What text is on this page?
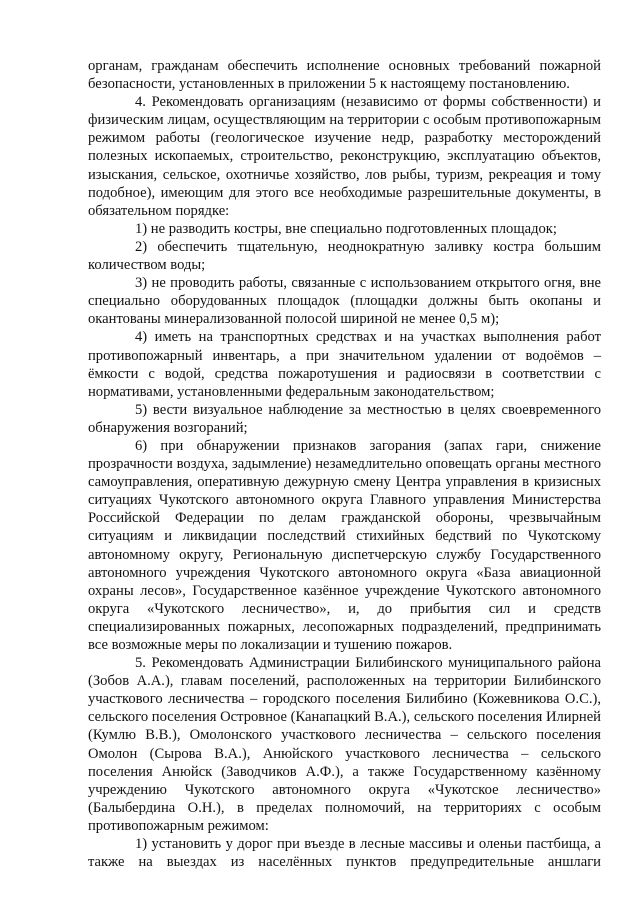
органам, гражданам обеспечить исполнение основных требований пожарной безопасности, установленных в приложении 5 к настоящему постановлению.

4. Рекомендовать организациям (независимо от формы собственности) и физическим лицам, осуществляющим на территории с особым противопожарным режимом работы (геологическое изучение недр, разработку месторождений полезных ископаемых, строительство, реконструкцию, эксплуатацию объектов, изыскания, сельское, охотничье хозяйство, лов рыбы, туризм, рекреация и тому подобное), имеющим для этого все необходимые разрешительные документы, в обязательном порядке:

1) не разводить костры, вне специально подготовленных площадок;

2) обеспечить тщательную, неоднократную заливку костра большим количеством воды;

3) не проводить работы, связанные с использованием открытого огня, вне специально оборудованных площадок (площадки должны быть окопаны и окантованы минерализованной полосой шириной не менее 0,5 м);

4) иметь на транспортных средствах и на участках выполнения работ противопожарный инвентарь, а при значительном удалении от водоёмов – ёмкости с водой, средства пожаротушения и радиосвязи в соответствии с нормативами, установленными федеральным законодательством;

5) вести визуальное наблюдение за местностью в целях своевременного обнаружения возгораний;

6) при обнаружении признаков загорания (запах гари, снижение прозрачности воздуха, задымление) незамедлительно оповещать органы местного самоуправления, оперативную дежурную смену Центра управления в кризисных ситуациях Чукотского автономного округа Главного управления Министерства Российской Федерации по делам гражданской обороны, чрезвычайным ситуациям и ликвидации последствий стихийных бедствий по Чукотскому автономному округу, Региональную диспетчерскую службу Государственного автономного учреждения Чукотского автономного округа «База авиационной охраны лесов», Государственное казённое учреждение Чукотского автономного округа «Чукотского лесничество», и, до прибытия сил и средств специализированных пожарных, лесопожарных подразделений, предпринимать все возможные меры по локализации и тушению пожаров.

5. Рекомендовать Администрации Билибинского муниципального района (Зобов А.А.), главам поселений, расположенных на территории Билибинского участкового лесничества – городского поселения Билибино (Кожевникова О.С.), сельского поселения Островное (Канапацкий В.А.), сельского поселения Илирней (Кумлю В.В.), Омолонского участкового лесничества – сельского поселения Омолон (Сырова В.А.), Анюйского участкового лесничества – сельского поселения Анюйск (Заводчиков А.Ф.), а также Государственному казённому учреждению Чукотского автономного округа «Чукотское лесничество» (Балыбердина О.Н.), в пределах полномочий, на территориях с особым противопожарным режимом:

1) установить у дорог при въезде в лесные массивы и оленьи пастбища, а также на выездах из населённых пунктов предупредительные аншлаги
